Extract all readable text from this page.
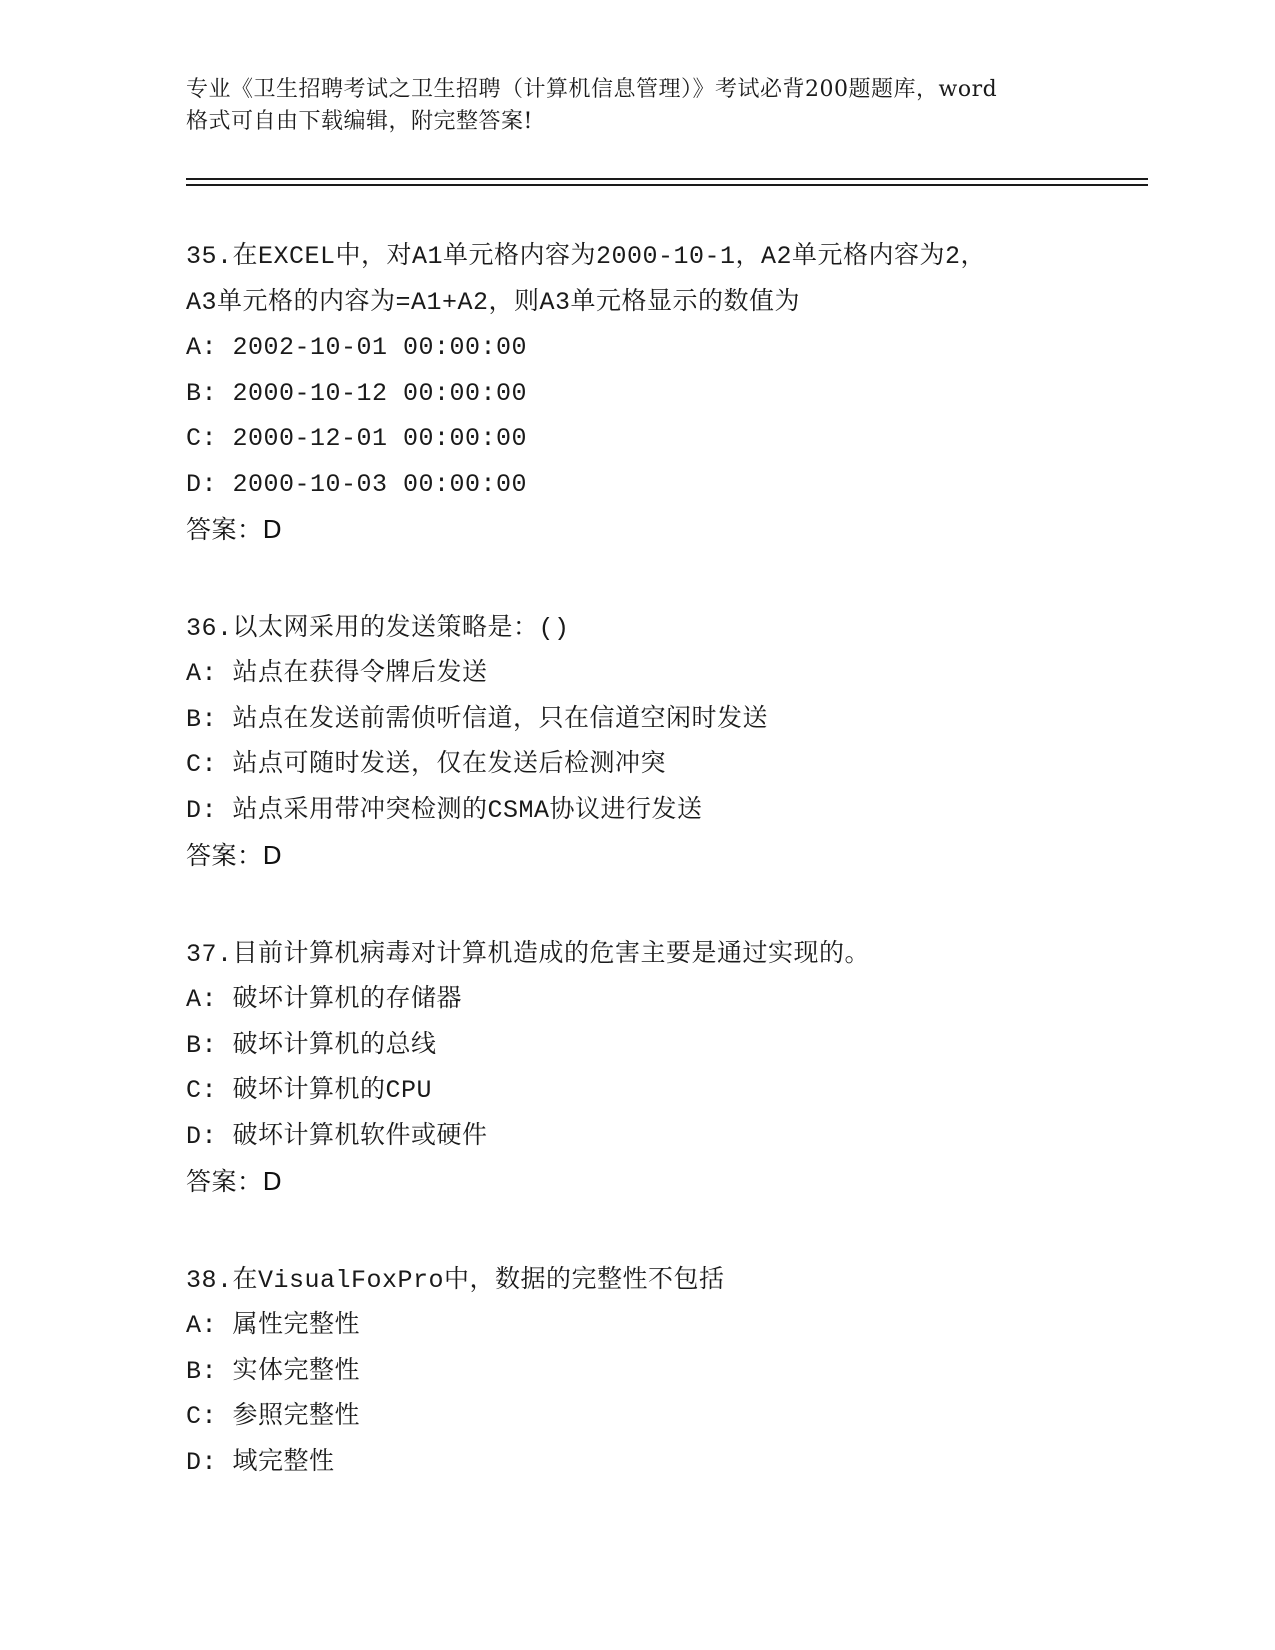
专业《卫生招聘考试之卫生招聘（计算机信息管理）》考试必背200题题库，word
格式可自由下载编辑，附完整答案!
35.在EXCEL中，对A1单元格内容为2000-10-1，A2单元格内容为2，
A3单元格的内容为=A1+A2，则A3单元格显示的数值为
A: 2002-10-01 00:00:00
B: 2000-10-12 00:00:00
C: 2000-12-01 00:00:00
D: 2000-10-03 00:00:00
答案：D
36.以太网采用的发送策略是：()
A: 站点在获得令牌后发送
B: 站点在发送前需侦听信道，只在信道空闲时发送
C: 站点可随时发送，仅在发送后检测冲突
D: 站点采用带冲突检测的CSMA协议进行发送
答案：D
37.目前计算机病毒对计算机造成的危害主要是通过实现的。
A: 破坏计算机的存储器
B: 破坏计算机的总线
C: 破坏计算机的CPU
D: 破坏计算机软件或硬件
答案：D
38.在VisualFoxPro中，数据的完整性不包括
A: 属性完整性
B: 实体完整性
C: 参照完整性
D: 域完整性
